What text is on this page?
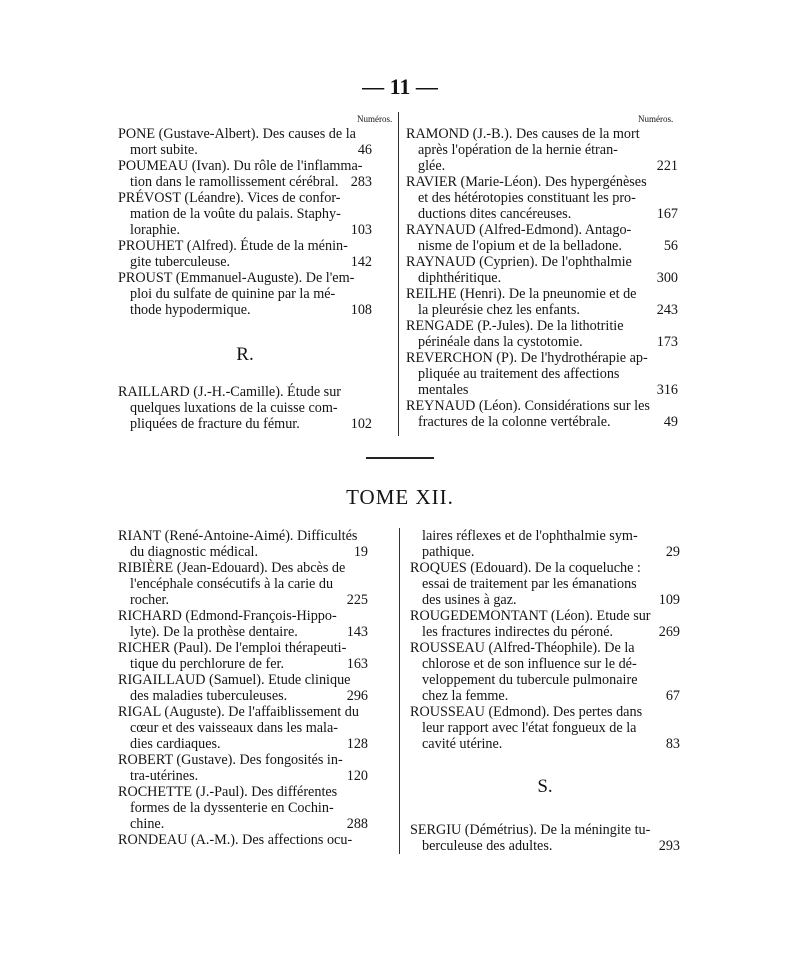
— 11 —
Numéros.	Numéros.
PONE (Gustave-Albert). Des causes de la
mort subite.	46
POUMEAU (Ivan). Du rôle de l'inflamma-
tion dans le ramollissement cérébral. 283
PRÉVOST (Léandre). Vices de confor-
mation de la voûte du palais. Staphy-
loraphie.	103
PROUHET (Alfred). Étude de la ménin-
gite tuberculeuse.	142
PROUST (Emmanuel-Auguste). De l'em-
ploi du sulfate de quinine par la mé-
thode hypodermique.	108
R.
RAILLARD (J.-H.-Camille). Étude sur
quelques luxations de la cuisse com-
pliquées de fracture du fémur.	102
RAMOND (J.-B.). Des causes de la mort
après l'opération de la hernie étran-
glée.	221
RAVIER (Marie-Léon). Des hypergénèses
et des hétérotopies constituant les pro-
ductions dites cancéreuses.	167
RAYNAUD (Alfred-Edmond). Antago-
nisme de l'opium et de la belladone.	56
RAYNAUD (Cyprien). De l'ophthalmie
diphthéritique.	300
REILHE (Henri). De la pneunomie et de
la pleurésie chez les enfants.	243
RENGADE (P.-Jules). De la lithotritie
périnéale dans la cystotomie.	173
REVERCHON (P). De l'hydrothérapie ap-
pliquée au traitement des affections
mentales	316
REYNAUD (Léon). Considérations sur les
fractures de la colonne vertébrale.	49
TOME XII.
RIANT (René-Antoine-Aimé). Difficultés
du diagnostic médical.	19
RIBIÈRE (Jean-Edouard). Des abcès de
l'encéphale consécutifs à la carie du
rocher.	225
RICHARD (Edmond-François-Hippo-
lyte). De la prothèse dentaire.	143
RICHER (Paul). De l'emploi thérapeuti-
tique du perchlorure de fer.	163
RIGAILLAUD (Samuel). Etude clinique
des maladies tuberculeuses.	296
RIGAL (Auguste). De l'affaiblissement du
cœur et des vaisseaux dans les mala-
dies cardiaques.	128
ROBERT (Gustave). Des fongosités in-
tra-utérines.	120
ROCHETTE (J.-Paul). Des différentes
formes de la dyssenterie en Cochin-
chine.	288
RONDEAU (A.-M.). Des affections ocu-
laires réflexes et de l'ophthalmie sym-
pathique.	29
ROQUES (Edouard). De la coqueluche :
essai de traitement par les émanations
des usines à gaz.	109
ROUGEDEMONTANT (Léon). Etude sur
les fractures indirectes du péroné.	269
ROUSSEAU (Alfred-Théophile). De la
chlorose et de son influence sur le dé-
veloppement du tubercule pulmonaire
chez la femme.	67
ROUSSEAU (Edmond). Des pertes dans
leur rapport avec l'état fongueux de la
cavité utérine.	83
S.
SERGIU (Démétrius). De la méningite tu-
berculeuse des adultes.	293
